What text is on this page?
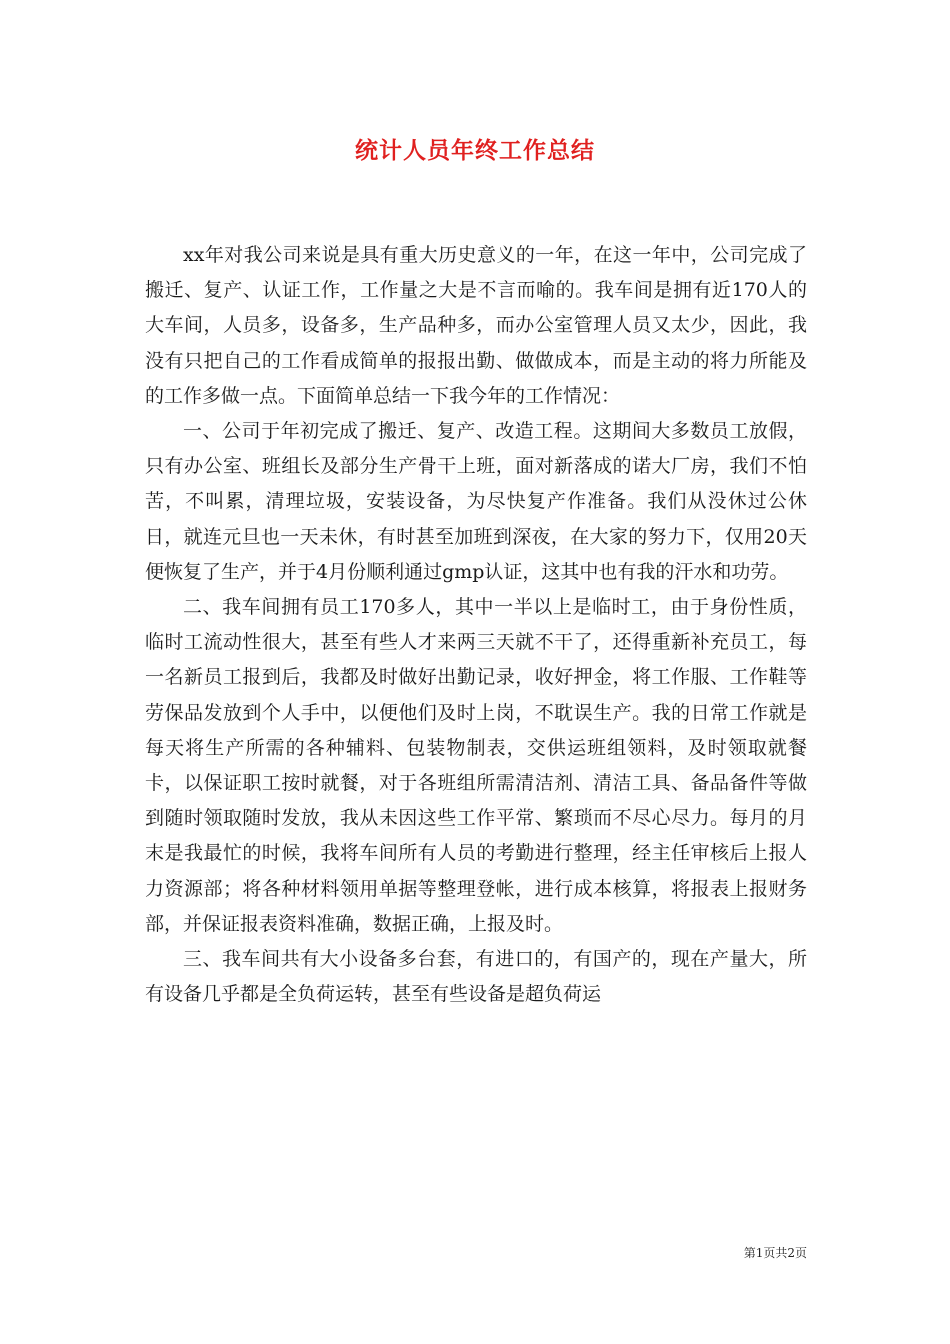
统计人员年终工作总结

xx年对我公司来说是具有重大历史意义的一年，在这一年中，公司完成了搬迁、复产、认证工作，工作量之大是不言而喻的。我车间是拥有近170人的大车间，人员多，设备多，生产品种多，而办公室管理人员又太少，因此，我没有只把自己的工作看成简单的报报出勤、做做成本，而是主动的将力所能及的工作多做一点。下面简单总结一下我今年的工作情况：

一、公司于年初完成了搬迁、复产、改造工程。这期间大多数员工放假，只有办公室、班组长及部分生产骨干上班，面对新落成的诺大厂房，我们不怕苦，不叫累，清理垃圾，安装设备，为尽快复产作准备。我们从没休过公休日，就连元旦也一天未休，有时甚至加班到深夜，在大家的努力下，仅用20天便恢复了生产，并于4月份顺利通过gmp认证，这其中也有我的汗水和功劳。

二、我车间拥有员工170多人，其中一半以上是临时工，由于身份性质，临时工流动性很大，甚至有些人才来两三天就不干了，还得重新补充员工，每一名新员工报到后，我都及时做好出勤记录，收好押金，将工作服、工作鞋等劳保品发放到个人手中，以便他们及时上岗，不耽误生产。我的日常工作就是每天将生产所需的各种辅料、包装物制表，交供运班组领料，及时领取就餐卡，以保证职工按时就餐，对于各班组所需清洁剂、清洁工具、备品备件等做到随时领取随时发放，我从未因这些工作平常、繁琐而不尽心尽力。每月的月末是我最忙的时候，我将车间所有人员的考勤进行整理，经主任审核后上报人力资源部；将各种材料领用单据等整理登帐，进行成本核算，将报表上报财务部，并保证报表资料准确，数据正确，上报及时。

三、我车间共有大小设备多台套，有进口的，有国产的，现在产量大，所有设备几乎都是全负荷运转，甚至有些设备是超负荷运

第1页共2页
